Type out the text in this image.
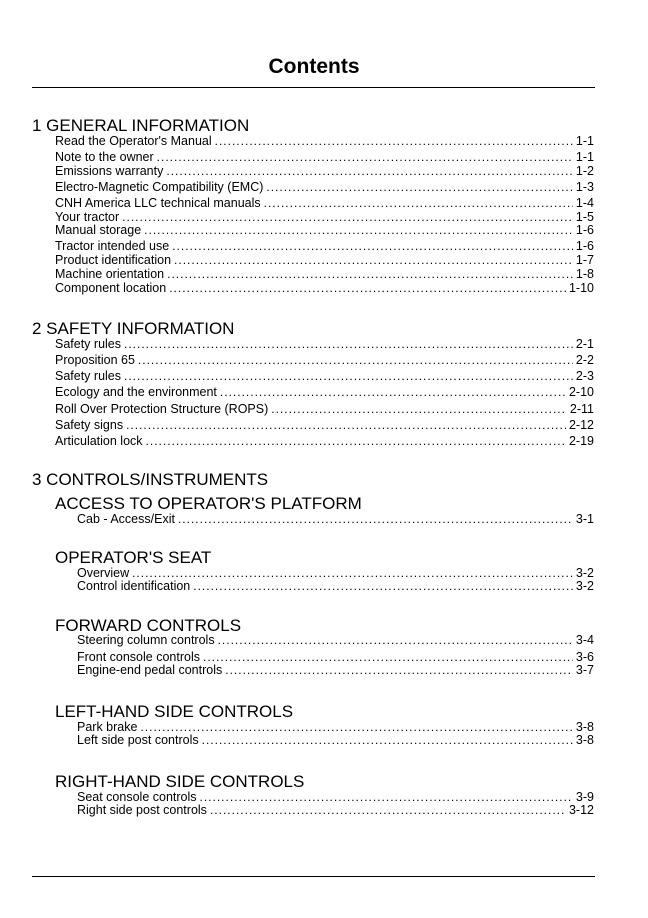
Contents
1 GENERAL INFORMATION
Read the Operator's Manual .....	1-1
Note to the owner .....	1-1
Emissions warranty .....	1-2
Electro-Magnetic Compatibility (EMC) .....	1-3
CNH America LLC technical manuals .....	1-4
Your tractor .....	1-5
Manual storage .....	1-6
Tractor intended use .....	1-6
Product identification .....	1-7
Machine orientation .....	1-8
Component location .....	1-10
2 SAFETY INFORMATION
Safety rules .....	2-1
Proposition 65 .....	2-2
Safety rules .....	2-3
Ecology and the environment .....	2-10
Roll Over Protection Structure (ROPS) .....	2-11
Safety signs .....	2-12
Articulation lock .....	2-19
3 CONTROLS/INSTRUMENTS
ACCESS TO OPERATOR'S PLATFORM
Cab - Access/Exit .....	3-1
OPERATOR'S SEAT
Overview .....	3-2
Control identification .....	3-2
FORWARD CONTROLS
Steering column controls .....	3-4
Front console controls .....	3-6
Engine-end pedal controls .....	3-7
LEFT-HAND SIDE CONTROLS
Park brake .....	3-8
Left side post controls .....	3-8
RIGHT-HAND SIDE CONTROLS
Seat console controls .....	3-9
Right side post controls .....	3-12
